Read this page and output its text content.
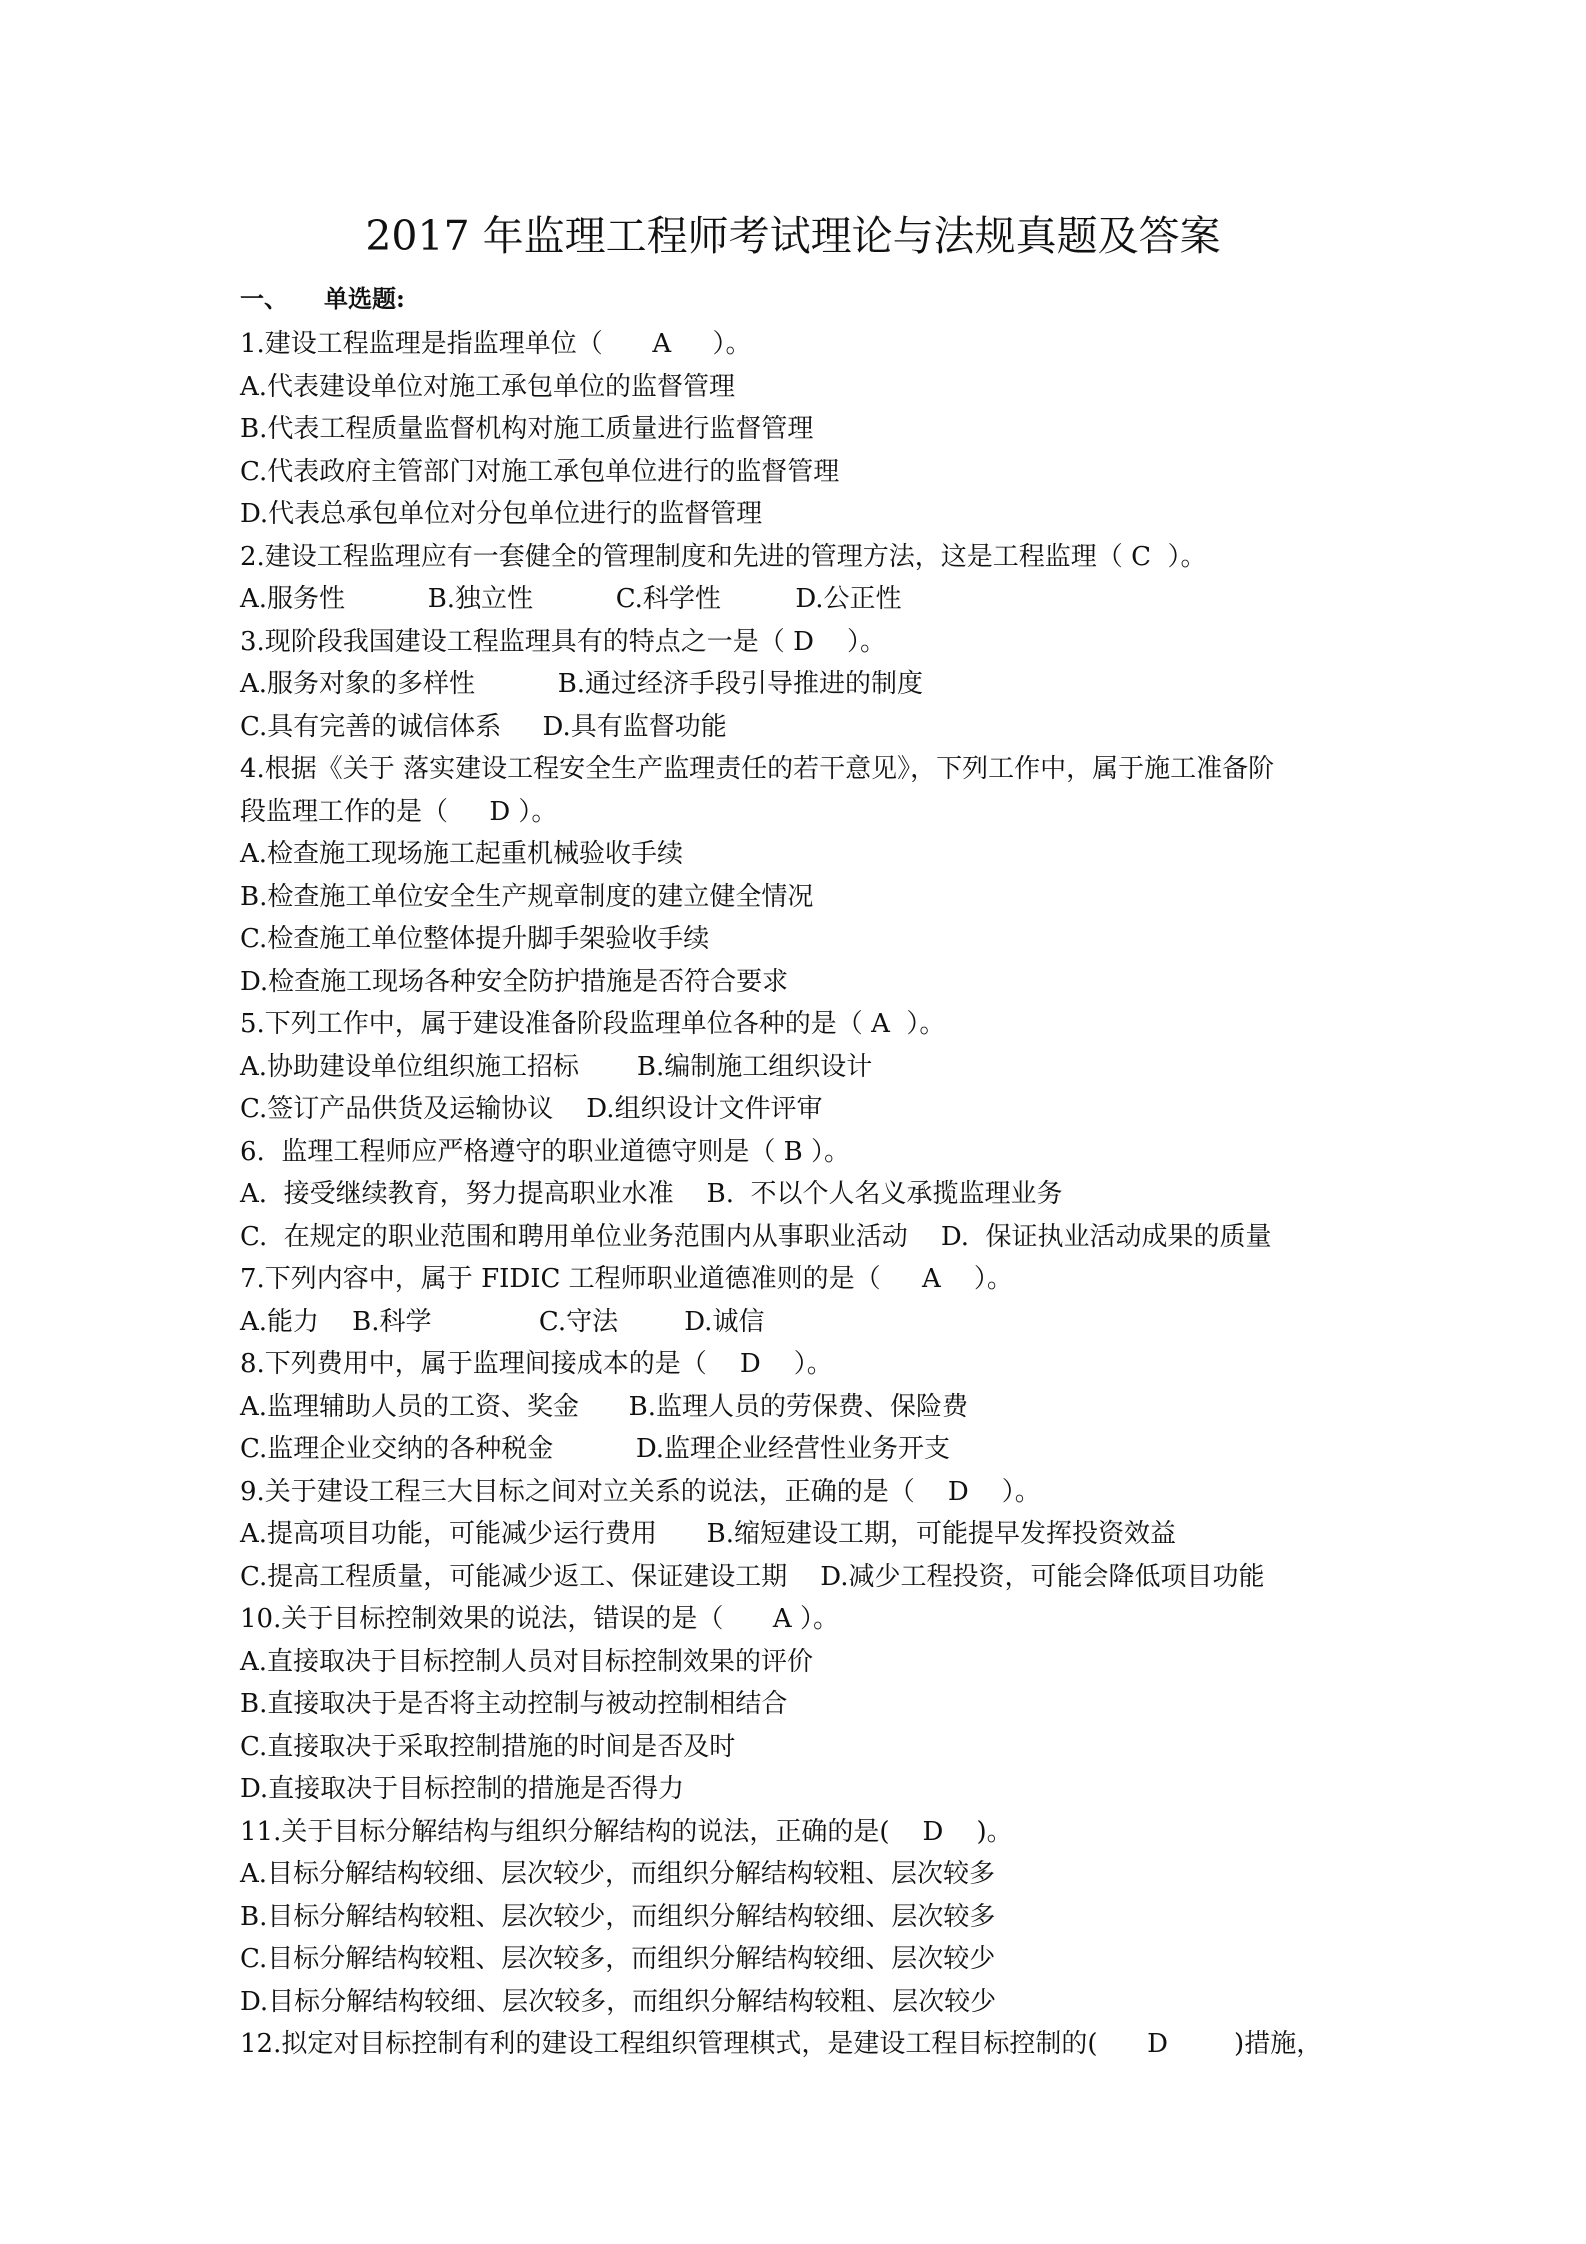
2017 年监理工程师考试理论与法规真题及答案
一、 单选题:
1.建设工程监理是指监理单位（      A     ）。
A.代表建设单位对施工承包单位的监督管理
B.代表工程质量监督机构对施工质量进行监督管理
C.代表政府主管部门对施工承包单位进行的监督管理
D.代表总承包单位对分包单位进行的监督管理
2.建设工程监理应有一套健全的管理制度和先进的管理方法，这是工程监理（ C  ）。
A.服务性          B.独立性          C.科学性         D.公正性
3.现阶段我国建设工程监理具有的特点之一是（ D    ）。
A.服务对象的多样性          B.通过经济手段引导推进的制度
C.具有完善的诚信体系     D.具有监督功能
4.根据《关于 落实建设工程安全生产监理责任的若干意见》，下列工作中，属于施工准备阶
段监理工作的是（     D ）。
A.检查施工现场施工起重机械验收手续
B.检查施工单位安全生产规章制度的建立健全情况
C.检查施工单位整体提升脚手架验收手续
D.检查施工现场各种安全防护措施是否符合要求
5.下列工作中，属于建设准备阶段监理单位各种的是（ A  ）。
A.协助建设单位组织施工招标       B.编制施工组织设计
C.签订产品供货及运输协议    D.组织设计文件评审
6.  监理工程师应严格遵守的职业道德守则是（ B ）。
A.  接受继续教育，努力提高职业水准    B.  不以个人名义承揽监理业务
C.  在规定的职业范围和聘用单位业务范围内从事职业活动    D.  保证执业活动成果的质量
7.下列内容中，属于 FIDIC 工程师职业道德准则的是（     A    ）。
A.能力    B.科学             C.守法        D.诚信
8.下列费用中，属于监理间接成本的是（    D    ）。
A.监理辅助人员的工资、奖金      B.监理人员的劳保费、保险费
C.监理企业交纳的各种税金          D.监理企业经营性业务开支
9.关于建设工程三大目标之间对立关系的说法，正确的是（    D    ）。
A.提高项目功能，可能减少运行费用      B.缩短建设工期，可能提早发挥投资效益
C.提高工程质量，可能减少返工、保证建设工期    D.减少工程投资，可能会降低项目功能
10.关于目标控制效果的说法，错误的是（      A ）。
A.直接取决于目标控制人员对目标控制效果的评价
B.直接取决于是否将主动控制与被动控制相结合
C.直接取决于采取控制措施的时间是否及时
D.直接取决于目标控制的措施是否得力
11.关于目标分解结构与组织分解结构的说法，正确的是(    D    )。
A.目标分解结构较细、层次较少，而组织分解结构较粗、层次较多
B.目标分解结构较粗、层次较少，而组织分解结构较细、层次较多
C.目标分解结构较粗、层次较多，而组织分解结构较细、层次较少
D.目标分解结构较细、层次较多，而组织分解结构较粗、层次较少
12.拟定对目标控制有利的建设工程组织管理棋式，是建设工程目标控制的(      D        )措施，
